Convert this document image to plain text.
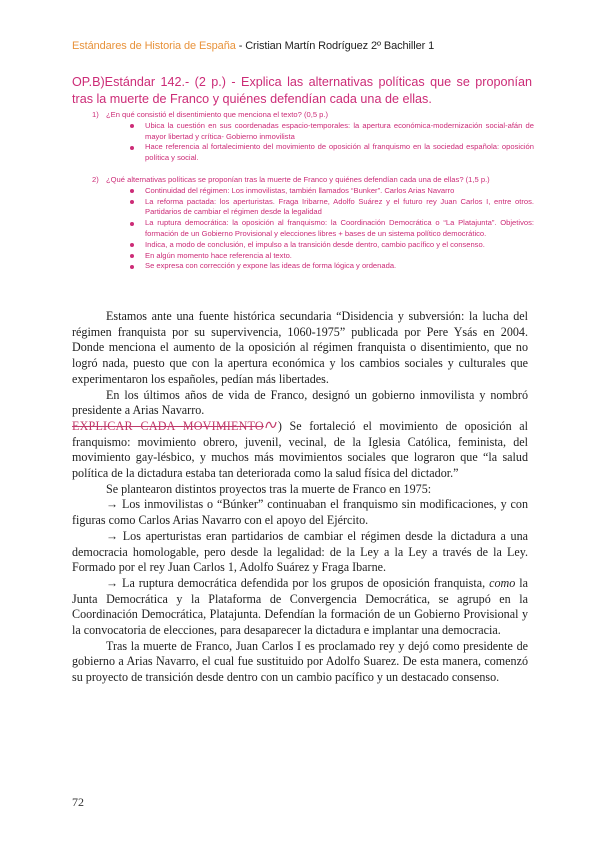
Estándares de Historia de España - Cristian Martín Rodríguez 2º Bachiller 1
OP.B)Estándar 142.- (2 p.) - Explica las alternativas políticas que se proponían tras la muerte de Franco y quiénes defendían cada una de ellas.
1) ¿En qué consistió el disentimiento que menciona el texto? (0,5 p.)
Ubica la cuestión en sus coordenadas espacio-temporales: la apertura económica-modernización social-afán de mayor libertad y crítica- Gobierno inmovilista
Hace referencia al fortalecimiento del movimiento de oposición al franquismo en la sociedad española: oposición política y social.
2) ¿Qué alternativas políticas se proponían tras la muerte de Franco y quiénes defendían cada una de ellas? (1,5 p.)
Continuidad del régimen: Los inmovilistas, también llamados “Bunker”. Carlos Arias Navarro
La reforma pactada: los aperturistas. Fraga Iribarne, Adolfo Suárez y el futuro rey Juan Carlos I, entre otros. Partidarios de cambiar el régimen desde la legalidad
La ruptura democrática: la oposición al franquismo: la Coordinación Democrática o “La Platajunta”. Objetivos: formación de un Gobierno Provisional y elecciones libres + bases de un sistema político democrático.
Indica, a modo de conclusión, el impulso a la transición desde dentro, cambio pacífico y el consenso.
En algún momento hace referencia al texto.
Se expresa con corrección y expone las ideas de forma lógica y ordenada.

Estamos ante una fuente histórica secundaria “Disidencia y subversión: la lucha del régimen franquista por su supervivencia, 1060-1975” publicada por Pere Ysás en 2004. Donde menciona el aumento de la oposición al régimen franquista o disentimiento, que no logró nada, puesto que con la apertura económica y los cambios sociales y culturales que experimentaron los españoles, pedían más libertades.

En los últimos años de vida de Franco, designó un gobierno inmovilista y nombró presidente a Arias Navarro.

EXPLICAR CADA MOVIMIENTO ) Se fortaleció el movimiento de oposición al franquismo: movimiento obrero, juvenil, vecinal, de la Iglesia Católica, feminista, del movimiento gay-lésbico, y muchos más movimientos sociales que lograron que “la salud política de la dictadura estaba tan deteriorada como la salud física del dictador.”

Se plantearon distintos proyectos tras la muerte de Franco en 1975:

→ Los inmovilistas o “Búnker” continuaban el franquismo sin modificaciones, y con figuras como Carlos Arias Navarro con el apoyo del Ejército.

→ Los aperturistas eran partidarios de cambiar el régimen desde la dictadura a una democracia homologable, pero desde la legalidad: de la Ley a la Ley a través de la Ley. Formado por el rey Juan Carlos 1, Adolfo Suárez y Fraga Ibarne.

→ La ruptura democrática defendida por los grupos de oposición franquista, como la Junta Democrática y la Plataforma de Convergencia Democrática, se agrupó en la Coordinación Democrática, Platajunta. Defendían la formación de un Gobierno Provisional y la convocatoria de elecciones, para desaparecer la dictadura e implantar una democracia.

Tras la muerte de Franco, Juan Carlos I es proclamado rey y dejó como presidente de gobierno a Arias Navarro, el cual fue sustituido por Adolfo Suarez. De esta manera, comenzó su proyecto de transición desde dentro con un cambio pacífico y un destacado consenso.

72
